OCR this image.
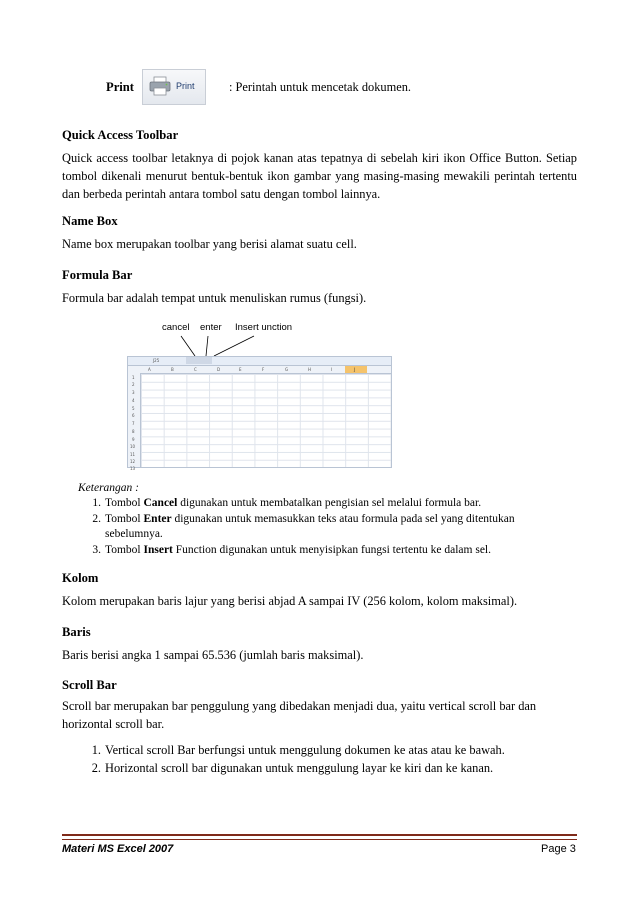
Print	Print	: Perintah untuk mencetak dokumen.
Quick Access Toolbar

Quick access toolbar letaknya di pojok kanan atas tepatnya di sebelah kiri ikon Office Button. Setiap tombol dikenali menurut bentuk-bentuk ikon gambar yang masing-masing mewakili perintah tertentu dan berbeda perintah antara tombol satu dengan tombol lainnya.

Name Box

Name box merupakan toolbar yang berisi alamat suatu cell.

Formula Bar

Formula bar adalah tempat untuk menuliskan rumus (fungsi).

cancel enter Insert unction
J25
A	B	C	D	E	F	G	H	I	J
1
2
3
4
5
6
7
8
9
10
11
12
13
Keterangan :
1. Tombol Cancel digunakan untuk membatalkan pengisian sel melalui formula bar.
2. Tombol Enter digunakan untuk memasukkan teks atau formula pada sel yang ditentukan sebelumnya.
3. Tombol Insert Function digunakan untuk menyisipkan fungsi tertentu ke dalam sel.
Kolom

Kolom merupakan baris lajur yang berisi abjad A sampai IV (256 kolom, kolom maksimal).

Baris

Baris berisi angka 1 sampai 65.536 (jumlah baris maksimal).

Scroll Bar

Scroll bar merupakan bar penggulung yang dibedakan menjadi dua, yaitu vertical scroll bar dan horizontal scroll bar.

1. Vertical scroll Bar berfungsi untuk menggulung dokumen ke atas atau ke bawah.
2. Horizontal scroll bar digunakan untuk menggulung layar ke kiri dan ke kanan.
Materi MS Excel 2007	Page 3
